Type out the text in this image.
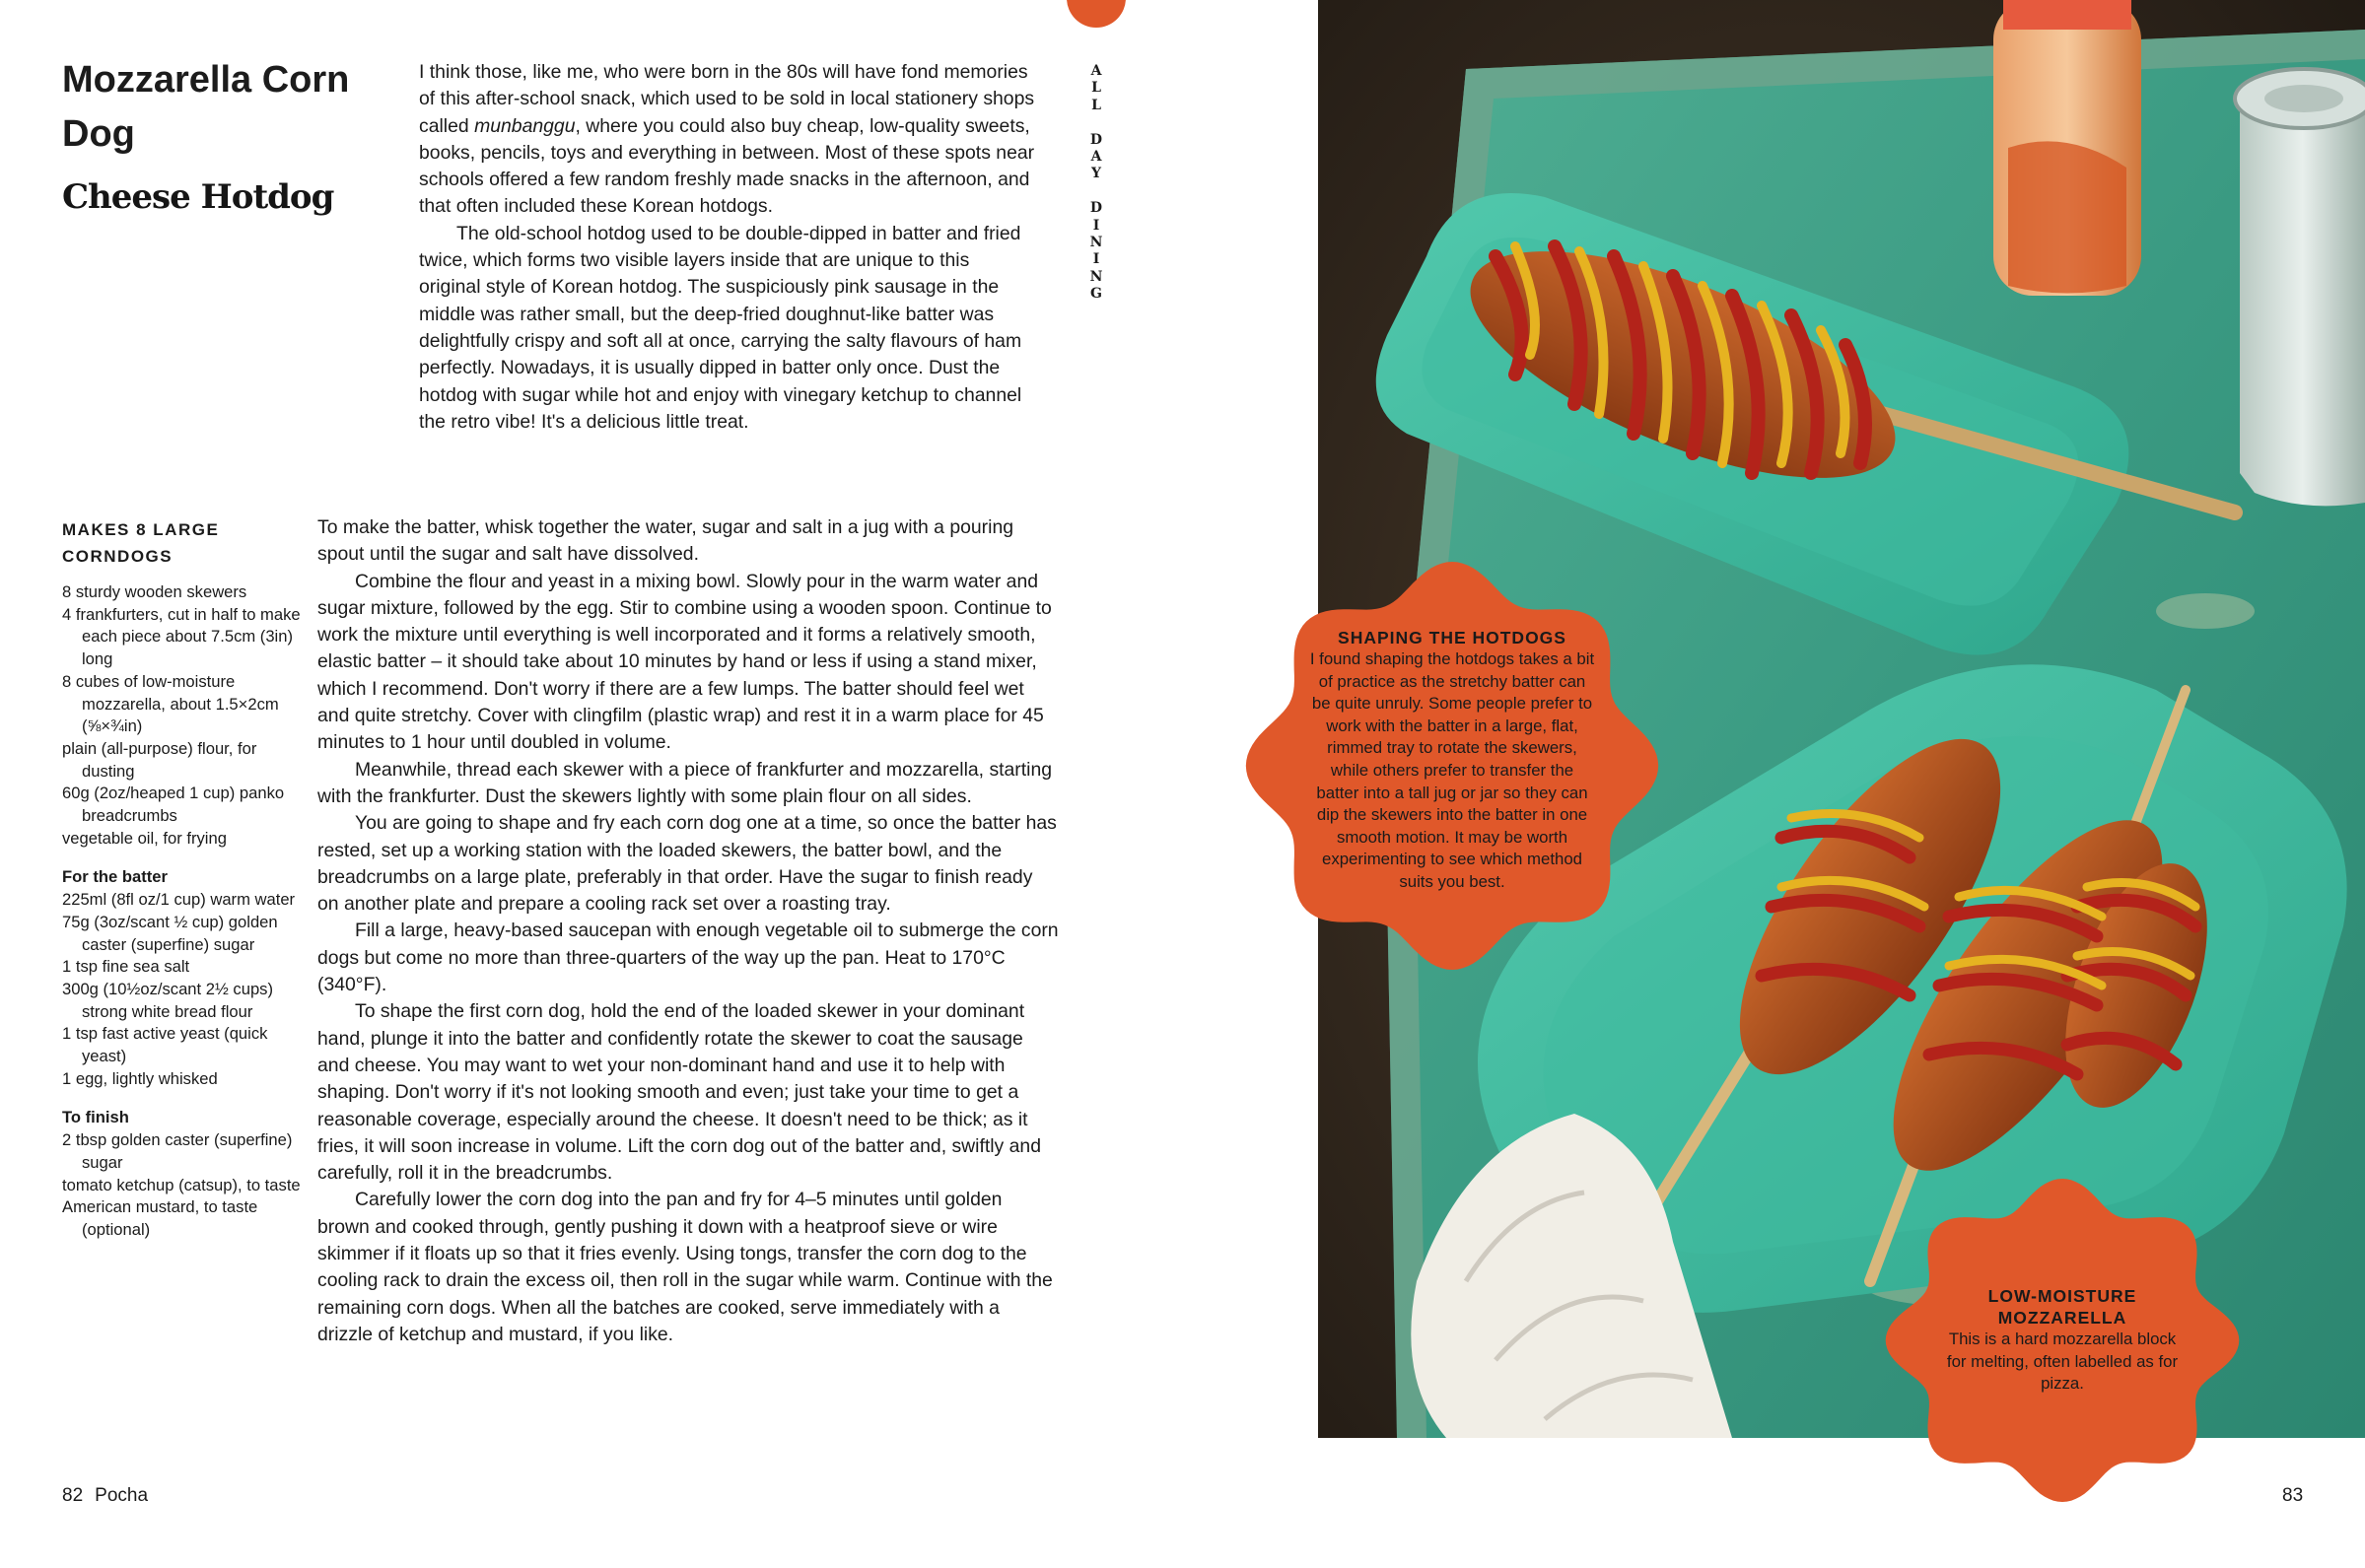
Mozzarella Corn Dog
Cheese Hotdog

I think those, like me, who were born in the 80s will have fond memories of this after-school snack, which used to be sold in local stationery shops called munbanggu, where you could also buy cheap, low-quality sweets, books, pencils, toys and everything in between. Most of these spots near schools offered a few random freshly made snacks in the afternoon, and that often included these Korean hotdogs.

The old-school hotdog used to be double-dipped in batter and fried twice, which forms two visible layers inside that are unique to this original style of Korean hotdog. The suspiciously pink sausage in the middle was rather small, but the deep-fried doughnut-like batter was delightfully crispy and soft all at once, carrying the salty flavours of ham perfectly. Nowadays, it is usually dipped in batter only once. Dust the hotdog with sugar while hot and enjoy with vinegary ketchup to channel the retro vibe! It's a delicious little treat.

A
L
L
D
A
Y
D
I
N
I
N
G
MAKES 8 LARGE CORNDOGS
8 sturdy wooden skewers
4 frankfurters, cut in half to make each piece about 7.5cm (3in) long
8 cubes of low-moisture mozzarella, about 1.5×2cm (⅝×¾in)
plain (all-purpose) flour, for dusting
60g (2oz/heaped 1 cup) panko breadcrumbs
vegetable oil, for frying
For the batter
225ml (8fl oz/1 cup) warm water
75g (3oz/scant ½ cup) golden caster (superfine) sugar
1 tsp fine sea salt
300g (10½oz/scant 2½ cups) strong white bread flour
1 tsp fast active yeast (quick yeast)
1 egg, lightly whisked
To finish
2 tbsp golden caster (superfine) sugar
tomato ketchup (catsup), to taste
American mustard, to taste (optional)

To make the batter, whisk together the water, sugar and salt in a jug with a pouring spout until the sugar and salt have dissolved.

Combine the flour and yeast in a mixing bowl. Slowly pour in the warm water and sugar mixture, followed by the egg. Stir to combine using a wooden spoon. Continue to work the mixture until everything is well incorporated and it forms a relatively smooth, elastic batter – it should take about 10 minutes by hand or less if using a stand mixer, which I recommend. Don't worry if there are a few lumps. The batter should feel wet and quite stretchy. Cover with clingfilm (plastic wrap) and rest it in a warm place for 45 minutes to 1 hour until doubled in volume.

Meanwhile, thread each skewer with a piece of frankfurter and mozzarella, starting with the frankfurter. Dust the skewers lightly with some plain flour on all sides.

You are going to shape and fry each corn dog one at a time, so once the batter has rested, set up a working station with the loaded skewers, the batter bowl, and the breadcrumbs on a large plate, preferably in that order. Have the sugar to finish ready on another plate and prepare a cooling rack set over a roasting tray.

Fill a large, heavy-based saucepan with enough vegetable oil to submerge the corn dogs but come no more than three-quarters of the way up the pan. Heat to 170°C (340°F).

To shape the first corn dog, hold the end of the loaded skewer in your dominant hand, plunge it into the batter and confidently rotate the skewer to coat the sausage and cheese. You may want to wet your non-dominant hand and use it to help with shaping. Don't worry if it's not looking smooth and even; just take your time to get a reasonable coverage, especially around the cheese. It doesn't need to be thick; as it fries, it will soon increase in volume. Lift the corn dog out of the batter and, swiftly and carefully, roll it in the breadcrumbs.

Carefully lower the corn dog into the pan and fry for 4–5 minutes until golden brown and cooked through, gently pushing it down with a heatproof sieve or wire skimmer if it floats up so that it fries evenly. Using tongs, transfer the corn dog to the cooling rack to drain the excess oil, then roll in the sugar while warm. Continue with the remaining corn dogs. When all the batches are cooked, serve immediately with a drizzle of ketchup and mustard, if you like.

82 Pocha
SHAPING THE HOTDOGS
I found shaping the hotdogs takes a bit of practice as the stretchy batter can be quite unruly. Some people prefer to work with the batter in a large, flat, rimmed tray to rotate the skewers, while others prefer to transfer the batter into a tall jug or jar so they can dip the skewers into the batter in one smooth motion. It may be worth experimenting to see which method suits you best.
LOW-MOISTURE MOZZARELLA
This is a hard mozzarella block for melting, often labelled as for pizza.
83
